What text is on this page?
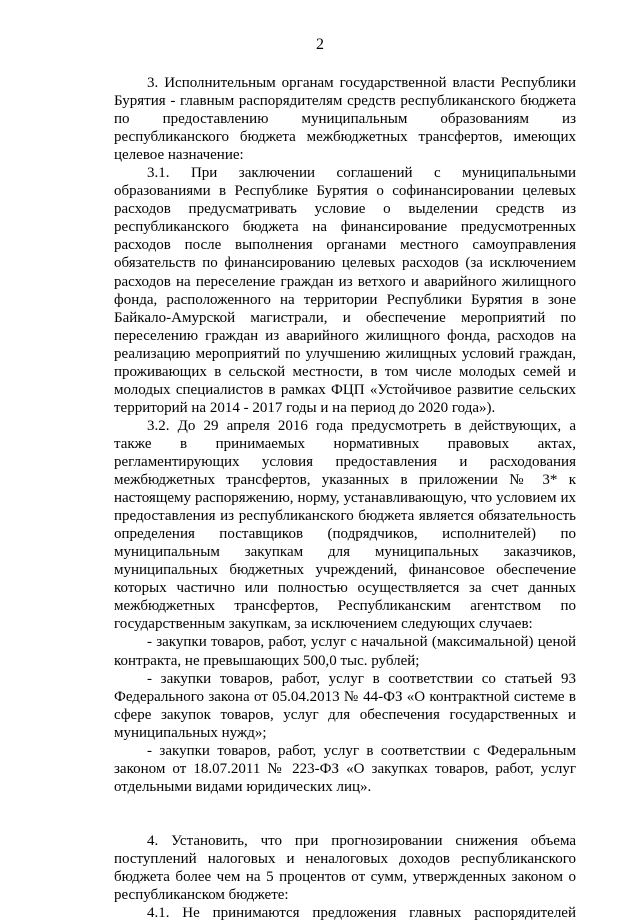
2

3. Исполнительным органам государственной власти Республики Бурятия - главным распорядителям средств республиканского бюджета по предоставлению муниципальным образованиям из республиканского бюджета межбюджетных трансфертов, имеющих целевое назначение:

3.1. При заключении соглашений с муниципальными образованиями в Республике Бурятия о софинансировании целевых расходов предусматривать условие о выделении средств из республиканского бюджета на финансирование предусмотренных расходов после выполнения органами местного самоуправления обязательств по финансированию целевых расходов (за исключением расходов на переселение граждан из ветхого и аварийного жилищного фонда, расположенного на территории Республики Бурятия в зоне Байкало-Амурской магистрали, и обеспечение мероприятий по переселению граждан из аварийного жилищного фонда, расходов на реализацию мероприятий по улучшению жилищных условий граждан, проживающих в сельской местности, в том числе молодых семей и молодых специалистов в рамках ФЦП «Устойчивое развитие сельских территорий на 2014 - 2017 годы и на период до 2020 года»).

3.2. До 29 апреля 2016 года предусмотреть в действующих, а также в принимаемых нормативных правовых актах, регламентирующих условия предоставления и расходования межбюджетных трансфертов, указанных в приложении № 3* к настоящему распоряжению, норму, устанавливающую, что условием их предоставления из республиканского бюджета является обязательность определения поставщиков (подрядчиков, исполнителей) по муниципальным закупкам для муниципальных заказчиков, муниципальных бюджетных учреждений, финансовое обеспечение которых частично или полностью осуществляется за счет данных межбюджетных трансфертов, Республиканским агентством по государственным закупкам, за исключением следующих случаев:

- закупки товаров, работ, услуг с начальной (максимальной) ценой контракта, не превышающих 500,0 тыс. рублей;

- закупки товаров, работ, услуг в соответствии со статьей 93 Федерального закона от 05.04.2013 № 44-ФЗ «О контрактной системе в сфере закупок товаров, услуг для обеспечения государственных и муниципальных нужд»;

- закупки товаров, работ, услуг в соответствии с Федеральным законом от 18.07.2011 № 223-ФЗ «О закупках товаров, работ, услуг отдельными видами юридических лиц».

4. Установить, что при прогнозировании снижения объема поступлений налоговых и неналоговых доходов республиканского бюджета более чем на 5 процентов от сумм, утвержденных законом о республиканском бюджете:

4.1. Не принимаются предложения главных распорядителей
